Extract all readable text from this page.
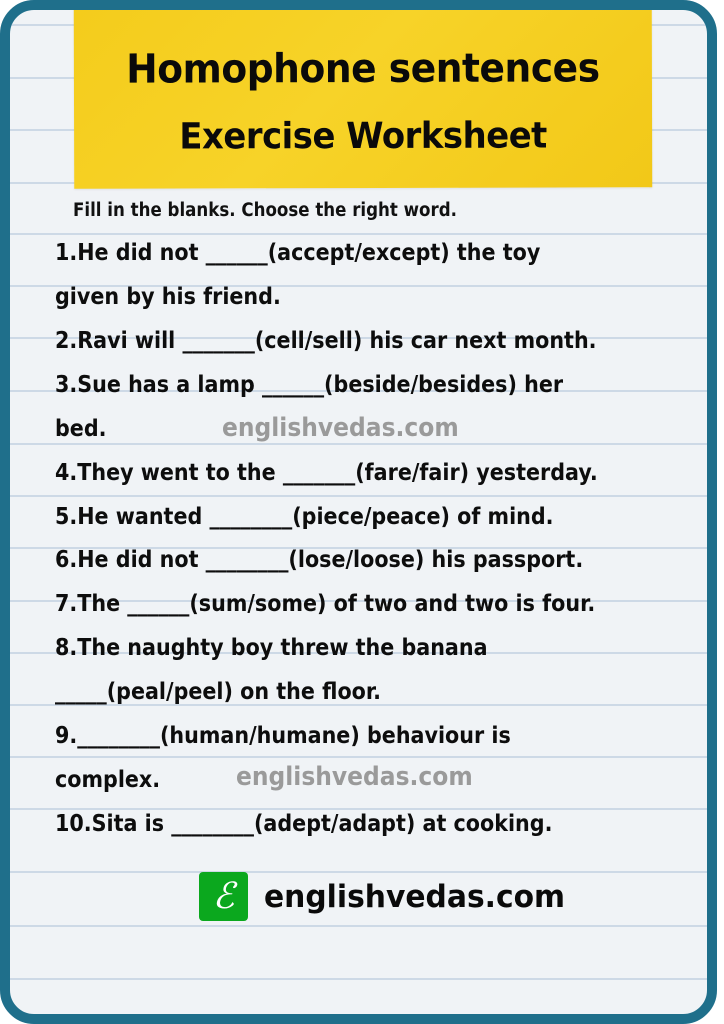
Homophone sentences
Exercise Worksheet
Fill in the blanks. Choose the right word.
1.He did not ______(accept/except) the toy
given by his friend.
2.Ravi will _______(cell/sell) his car next month.
3.Sue has a lamp ______(beside/besides) her
bed.	englishvedas.com
4.They went to the _______(fare/fair) yesterday.
5.He wanted ________(piece/peace) of mind.
6.He did not ________(lose/loose) his passport.
7.The ______(sum/some) of two and two is four.
8.The naughty boy threw the banana
_____(peal/peel) on the floor.
9.________(human/humane) behaviour is
complex.	englishvedas.com
10.Sita is ________(adept/adapt) at cooking.
ℰ englishvedas.com
